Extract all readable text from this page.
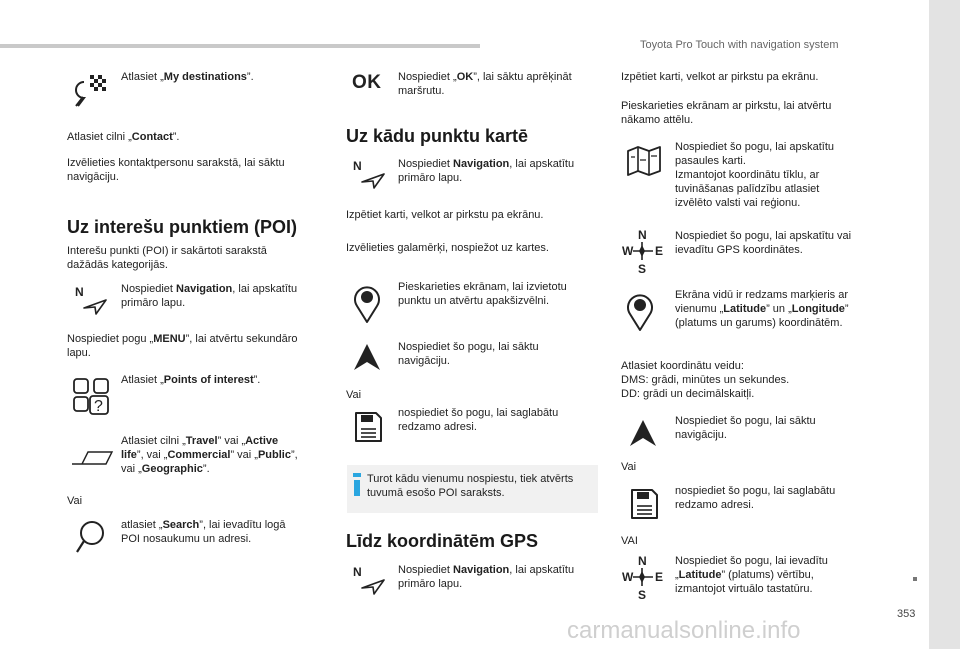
Toyota Pro Touch with navigation system
353
Atlasiet „My destinations”.
Atlasiet cilni „Contact”.
Izvēlieties kontaktpersonu sarakstā, lai sāktu
navigāciju.
Uz interešu punktiem (POI)
Interešu punkti (POI) ir sakārtoti sarakstā
dažādās kategorijās.
N	Nospiediet Navigation, lai apskatītu
primāro lapu.
Nospiediet pogu „MENU”, lai atvērtu sekundāro
lapu.
?
Atlasiet „Points of interest”.
Atlasiet cilni „Travel” vai „Active
life”, vai „Commercial” vai „Public”,
vai „Geographic”.
Vai
atlasiet „Search”, lai ievadītu logā
POI nosaukumu un adresi.
OK Nospiediet „OK”, lai sāktu aprēķināt
maršrutu.
Uz kādu punktu kartē
N	Nospiediet Navigation, lai apskatītu
primāro lapu.
Izpētiet karti, velkot ar pirkstu pa ekrānu.
Izvēlieties galamērķi, nospiežot uz kartes.
Pieskarieties ekrānam, lai izvietotu
punktu un atvērtu apakšizvēlni.
Nospiediet šo pogu, lai sāktu
navigāciju.
Vai
nospiediet šo pogu, lai saglabātu
redzamo adresi.
Turot kādu vienumu nospiestu, tiek atvērts
tuvumā esošo POI saraksts.
Līdz koordinātēm GPS
N	Nospiediet Navigation, lai apskatītu
primāro lapu.
Izpētiet karti, velkot ar pirkstu pa ekrānu.
Pieskarieties ekrānam ar pirkstu, lai atvērtu
nākamo attēlu.
Nospiediet šo pogu, lai apskatītu
pasaules karti.
Izmantojot koordinātu tīklu, ar
tuvināšanas palīdzību atlasiet
izvēlēto valsti vai reģionu.
N
W E
S
Nospiediet šo pogu, lai apskatītu vai
ievadītu GPS koordinātes.
Ekrāna vidū ir redzams marķieris ar
vienumu „Latitude” un „Longitude”
(platums un garums) koordinātēm.
Atlasiet koordinātu veidu:
DMS: grādi, minūtes un sekundes.
DD: grādi un decimālskaitļi.
Nospiediet šo pogu, lai sāktu
navigāciju.
Vai
nospiediet šo pogu, lai saglabātu
redzamo adresi.
VAI
N
W E
S
Nospiediet šo pogu, lai ievadītu
„Latitude” (platums) vērtību,
izmantojot virtuālo tastatūru.
carmanualsonline.info
